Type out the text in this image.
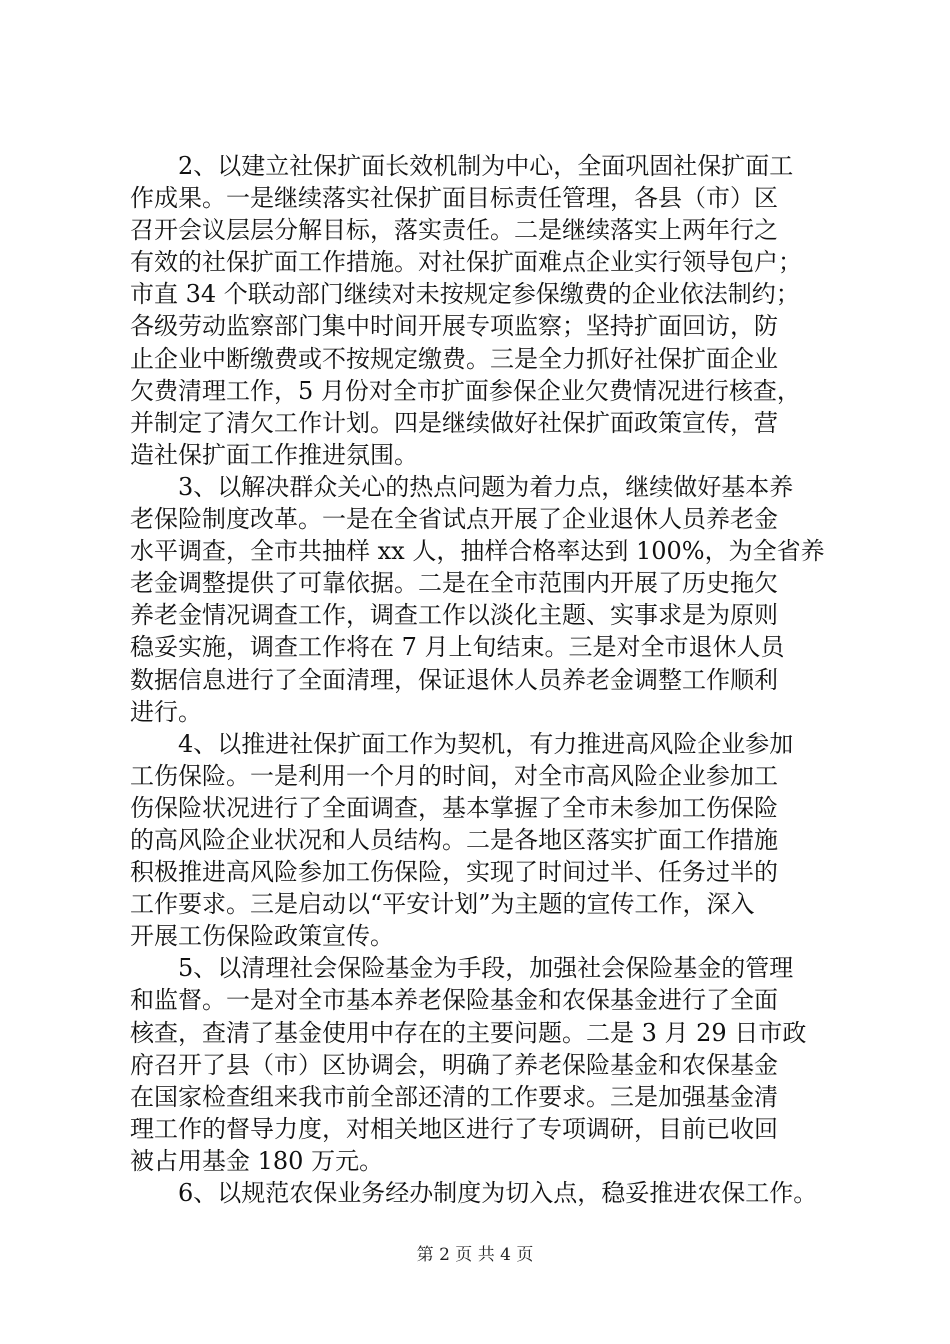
2、以建立社保扩面长效机制为中心，全面巩固社保扩面工
作成果。一是继续落实社保扩面目标责任管理，各县（市）区
召开会议层层分解目标，落实责任。二是继续落实上两年行之
有效的社保扩面工作措施。对社保扩面难点企业实行领导包户；
市直 34 个联动部门继续对未按规定参保缴费的企业依法制约；
各级劳动监察部门集中时间开展专项监察；坚持扩面回访，防
止企业中断缴费或不按规定缴费。三是全力抓好社保扩面企业
欠费清理工作，5 月份对全市扩面参保企业欠费情况进行核查，
并制定了清欠工作计划。四是继续做好社保扩面政策宣传，营
造社保扩面工作推进氛围。
3、以解决群众关心的热点问题为着力点，继续做好基本养
老保险制度改革。一是在全省试点开展了企业退休人员养老金
水平调查，全市共抽样 xx 人，抽样合格率达到 100%，为全省养
老金调整提供了可靠依据。二是在全市范围内开展了历史拖欠
养老金情况调查工作，调查工作以淡化主题、实事求是为原则
稳妥实施，调查工作将在 7 月上旬结束。三是对全市退休人员
数据信息进行了全面清理，保证退休人员养老金调整工作顺利
进行。
4、以推进社保扩面工作为契机，有力推进高风险企业参加
工伤保险。一是利用一个月的时间，对全市高风险企业参加工
伤保险状况进行了全面调查，基本掌握了全市未参加工伤保险
的高风险企业状况和人员结构。二是各地区落实扩面工作措施
积极推进高风险参加工伤保险，实现了时间过半、任务过半的
工作要求。三是启动以“平安计划”为主题的宣传工作，深入
开展工伤保险政策宣传。
5、以清理社会保险基金为手段，加强社会保险基金的管理
和监督。一是对全市基本养老保险基金和农保基金进行了全面
核查，查清了基金使用中存在的主要问题。二是 3 月 29 日市政
府召开了县（市）区协调会，明确了养老保险基金和农保基金
在国家检查组来我市前全部还清的工作要求。三是加强基金清
理工作的督导力度，对相关地区进行了专项调研，目前已收回
被占用基金 180 万元。
6、以规范农保业务经办制度为切入点，稳妥推进农保工作。
第 2 页 共 4 页
